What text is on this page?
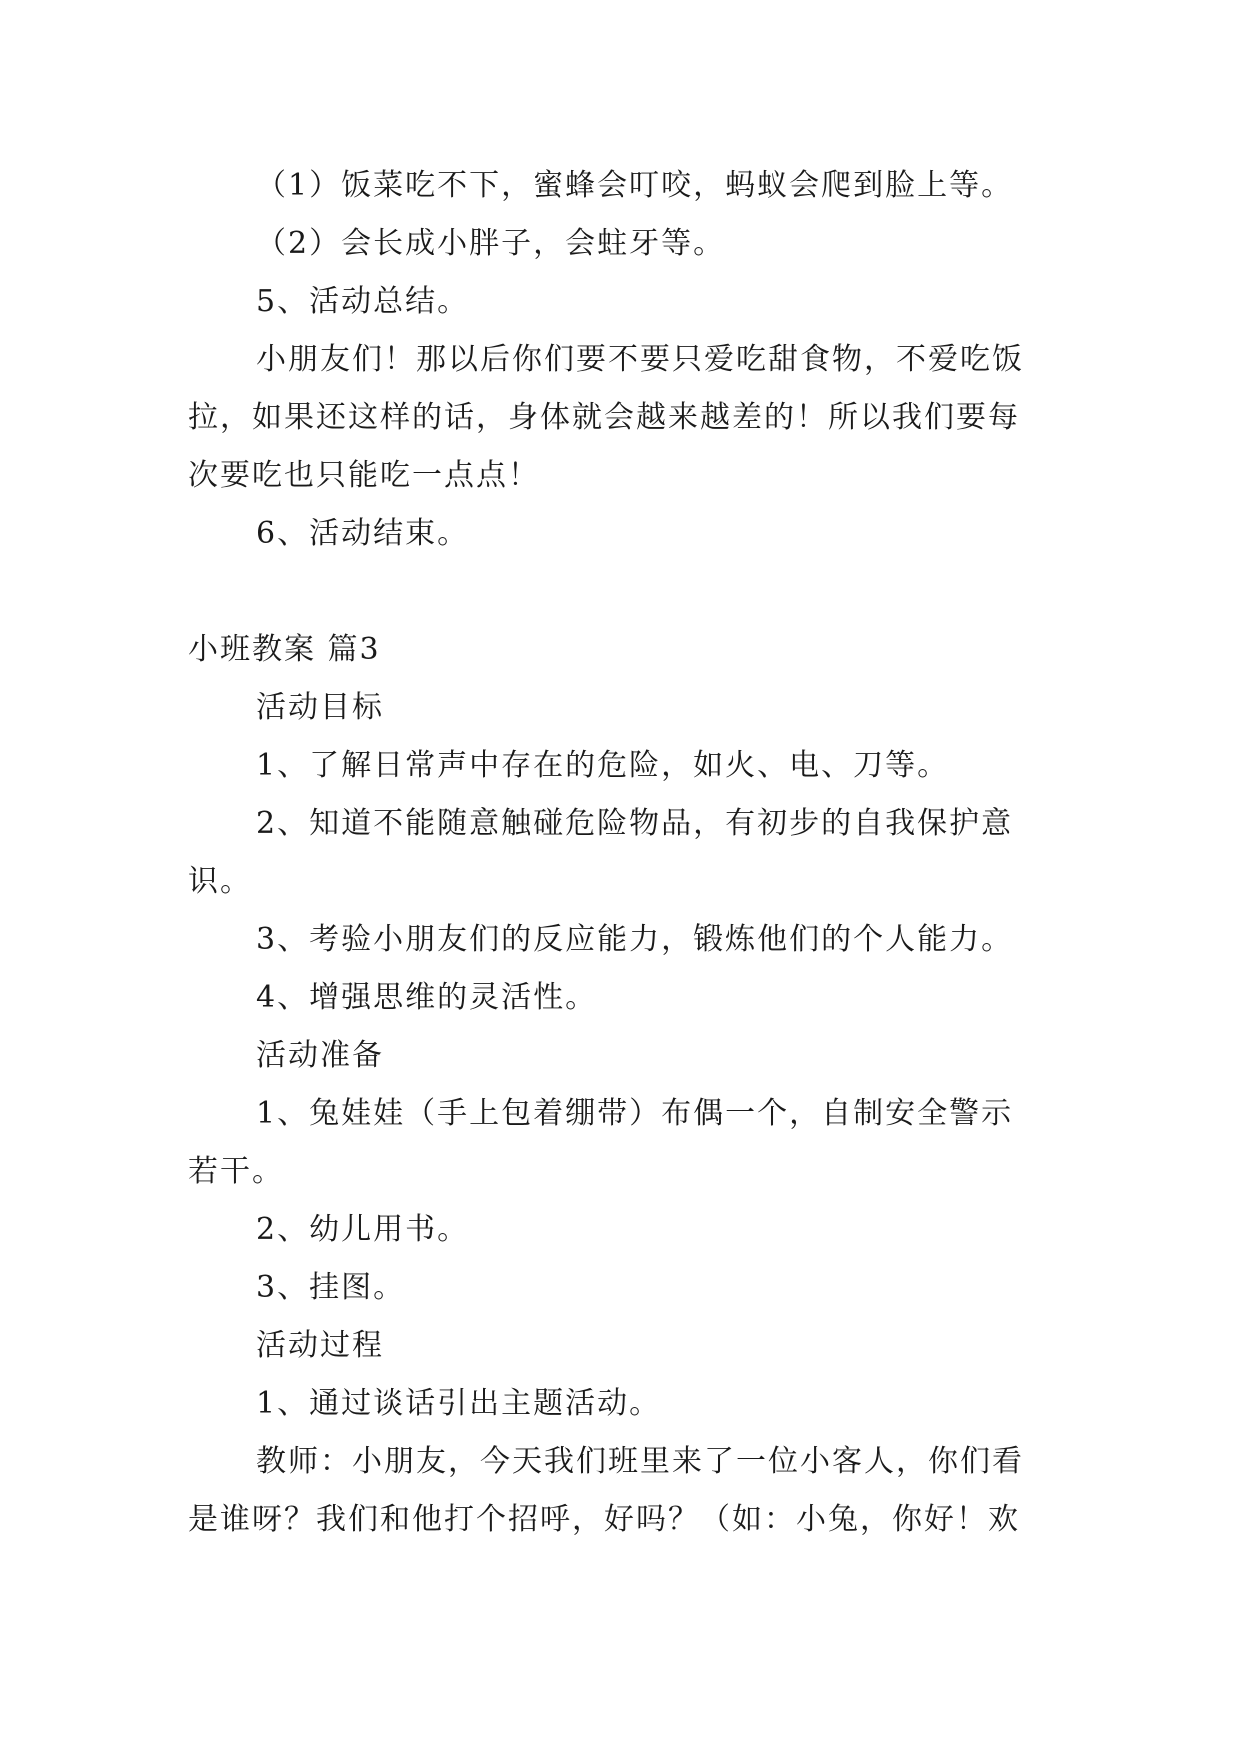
（1）饭菜吃不下，蜜蜂会叮咬，蚂蚁会爬到脸上等。
（2）会长成小胖子，会蛀牙等。
5、活动总结。
小朋友们！那以后你们要不要只爱吃甜食物，不爱吃饭
拉，如果还这样的话，身体就会越来越差的！所以我们要每
次要吃也只能吃一点点！
6、活动结束。
小班教案 篇3
活动目标
1、了解日常声中存在的危险，如火、电、刀等。
2、知道不能随意触碰危险物品，有初步的自我保护意
识。
3、考验小朋友们的反应能力，锻炼他们的个人能力。
4、增强思维的灵活性。
活动准备
1、兔娃娃（手上包着绷带）布偶一个，自制安全警示
若干。
2、幼儿用书。
3、挂图。
活动过程
1、通过谈话引出主题活动。
教师：小朋友，今天我们班里来了一位小客人，你们看
是谁呀？我们和他打个招呼，好吗？（如：小兔，你好！欢
